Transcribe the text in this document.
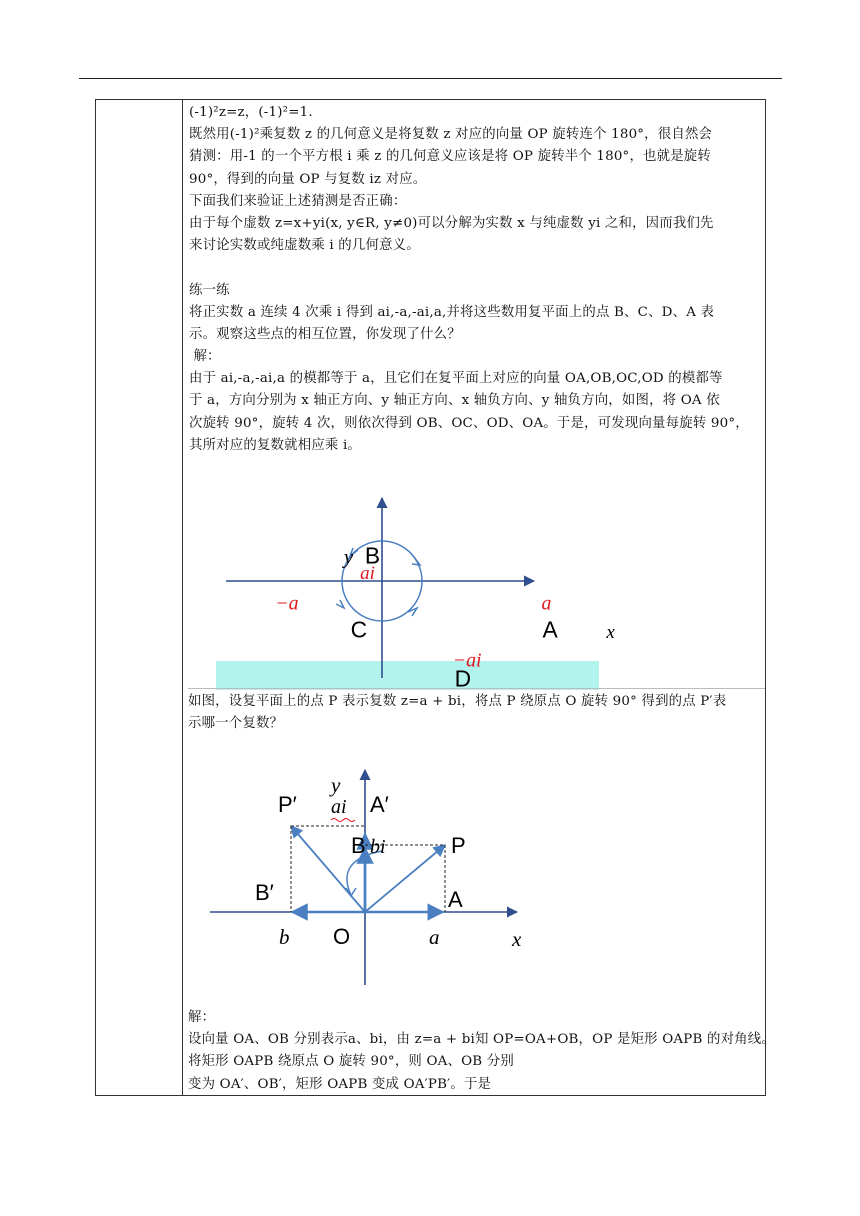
(-1)²z=z，(-1)²=1.
既然用(-1)²乘复数 z 的几何意义是将复数 z 对应的向量 OP 旋转连个 180°，很自然会
猜测：用-1 的一个平方根 i 乘 z 的几何意义应该是将 OP 旋转半个 180°，也就是旋转
90°，得到的向量 OP 与复数 iz 对应。
下面我们来验证上述猜测是否正确：
由于每个虚数 z=x+yi(x, y∈R, y≠0)可以分解为实数 x 与纯虚数 yi 之和，因而我们先
来讨论实数或纯虚数乘 i 的几何意义。
练一练
将正实数 a 连续 4 次乘 i 得到 ai,-a,-ai,a,并将这些数用复平面上的点 B、C、D、A 表
示。观察这些点的相互位置，你发现了什么？
解：
由于 ai,-a,-ai,a 的模都等于 a，且它们在复平面上对应的向量 OA,OB,OC,OD 的模都等
于 a，方向分别为 x 轴正方向、y 轴正方向、x 轴负方向、y 轴负方向，如图，将 OA 依
次旋转 90°，旋转 4 次，则依次得到 OB、OC、OD、OA。于是，可发现向量每旋转 90°，
其所对应的复数就相应乘 i。
y B
ai
−a	a
C	A	x
−ai
D
如图，设复平面上的点 P 表示复数 z=a + bi，将点 P 绕原点 O 旋转 90° 得到的点 P′表
示哪一个复数？
y
P′ ai A′
B bi	P
B′	A
b O	a	x
解：
设向量 OA、OB 分别表示a、bi，由 z=a + bi知 OP=OA+OB，OP 是矩形 OAPB 的对角线。
将矩形 OAPB 绕原点 O 旋转 90°，则 OA、OB 分别
变为 OA′、OB′，矩形 OAPB 变成 OA′PB′。于是
